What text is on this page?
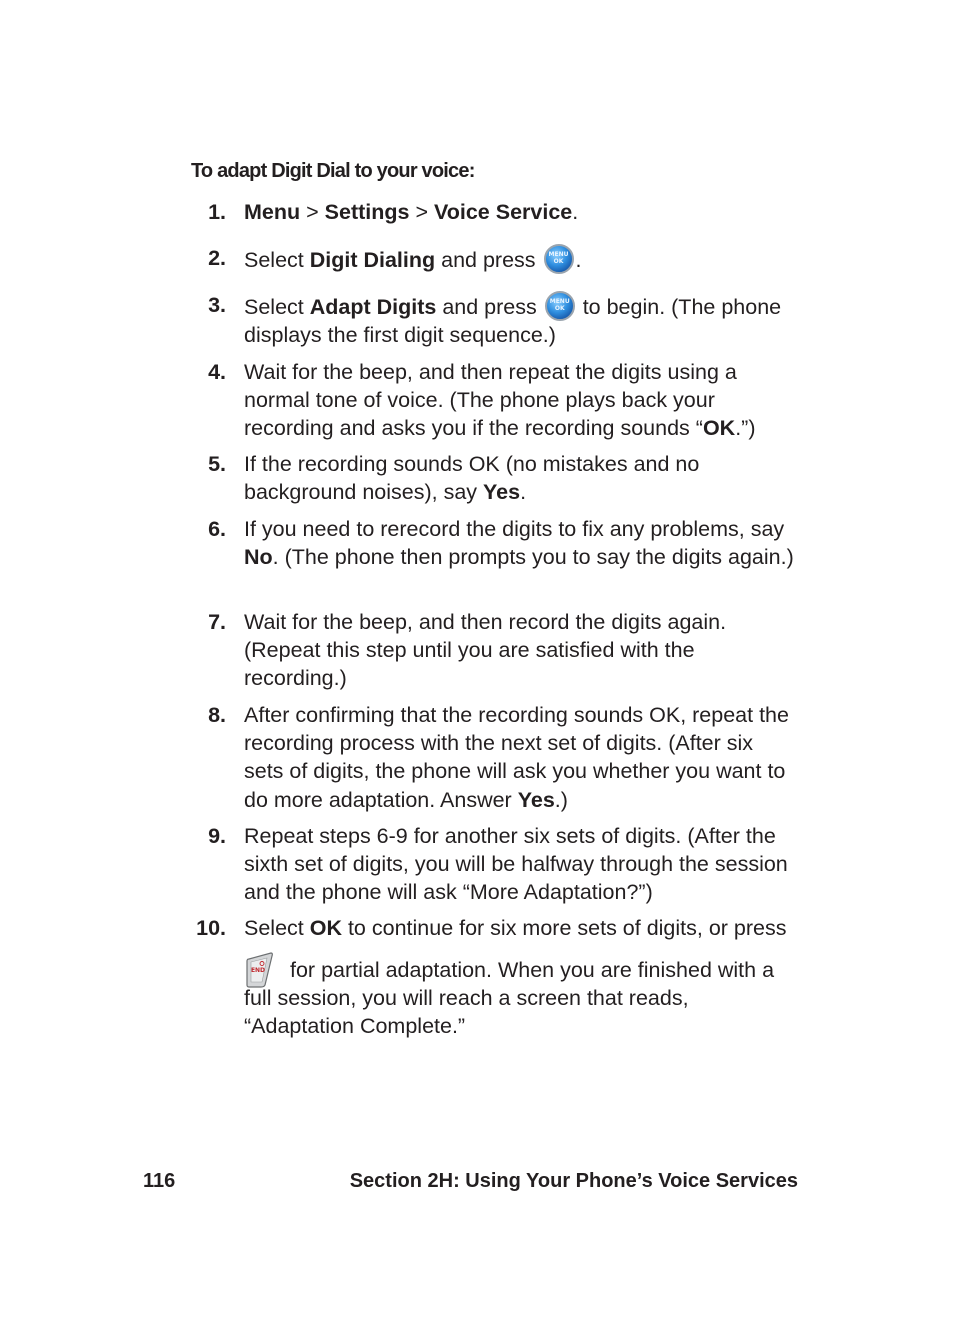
To adapt Digit Dial to your voice:
1. Menu > Settings > Voice Service.
2. Select Digit Dialing and press	MENU OK .
3. Select Adapt Digits and press	MENU OK to begin. (The phone displays the first digit sequence.)
4. Wait for the beep, and then repeat the digits using a normal tone of voice. (The phone plays back your recording and asks you if the recording sounds “OK.”)
5. If the recording sounds OK (no mistakes and no background noises), say Yes.
6. If you need to rerecord the digits to fix any problems, say No. (The phone then prompts you to say the digits again.)
7. Wait for the beep, and then record the digits again. (Repeat this step until you are satisfied with the recording.)
8. After confirming that the recording sounds OK, repeat the recording process with the next set of digits. (After six sets of digits, the phone will ask you whether you want to do more adaptation. Answer Yes.)
9. Repeat steps 6-9 for another six sets of digits. (After the sixth set of digits, you will be halfway through the session and the phone will ask “More Adaptation?”)
10. Select OK to continue for six more sets of digits, or press
END	for partial adaptation. When you are finished with a full session, you will reach a screen that reads, “Adaptation Complete.”
116	Section 2H: Using Your Phone’s Voice Services
